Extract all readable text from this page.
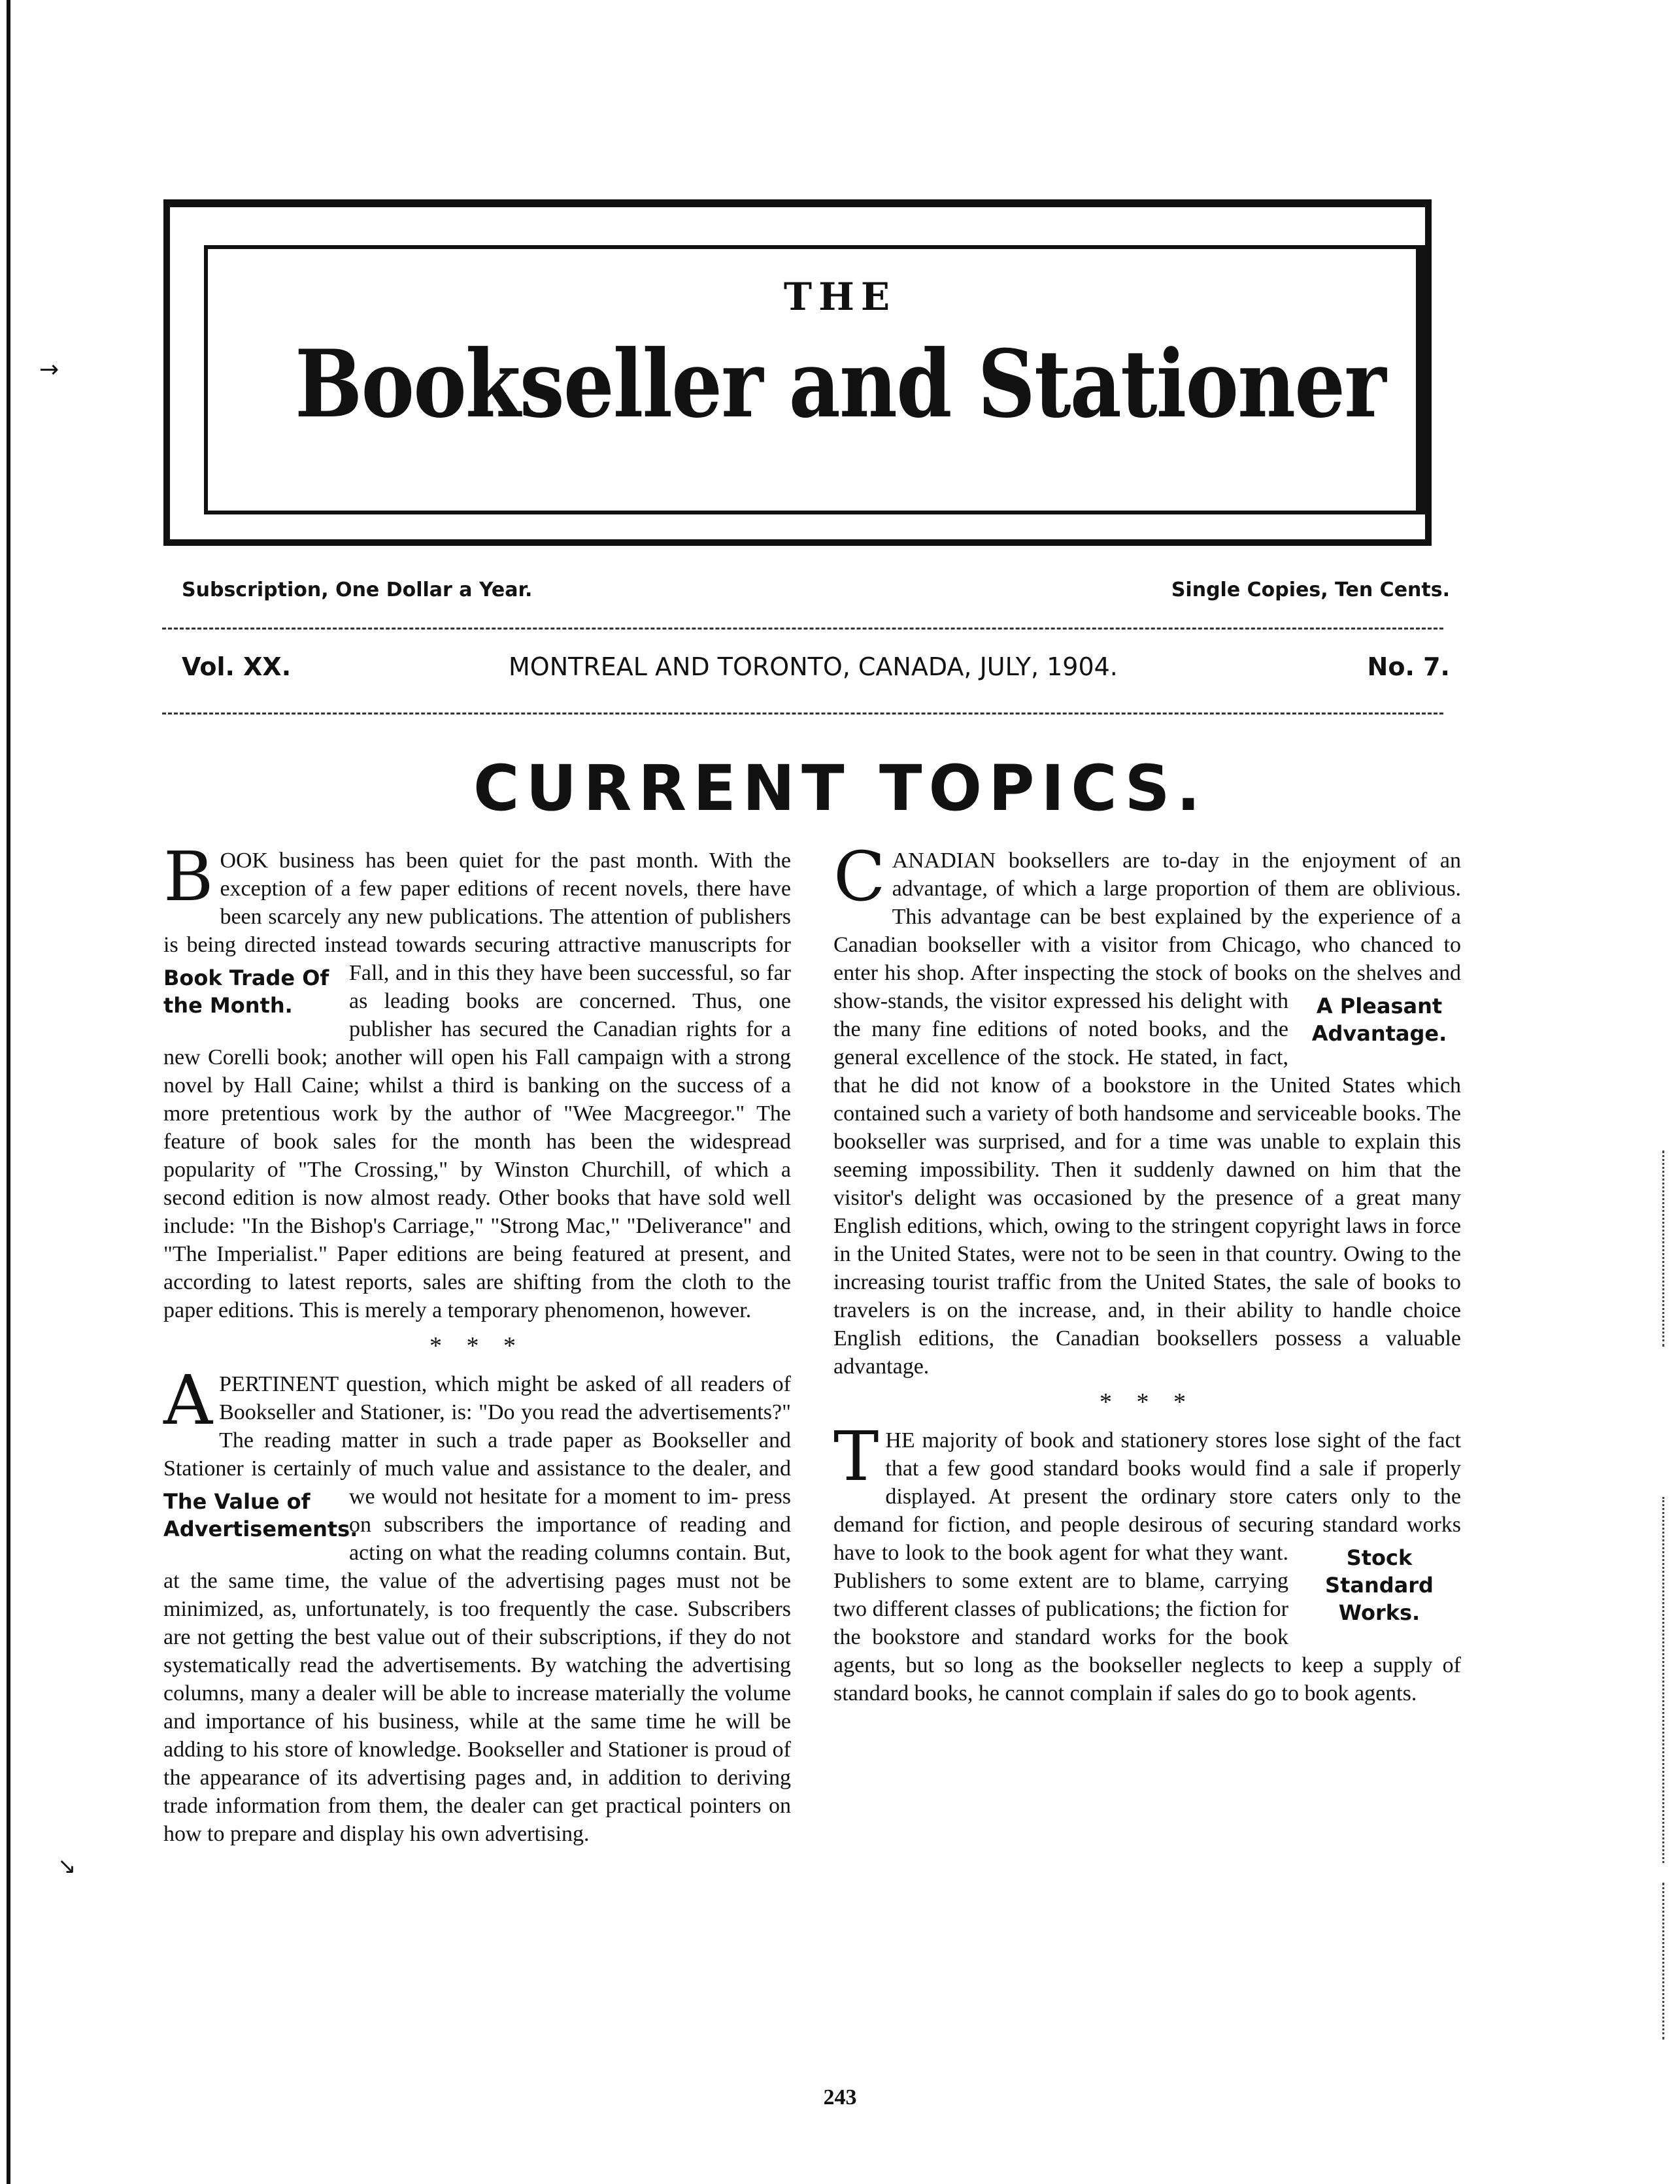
→
↘
THE
Bookseller and Stationer
Subscription, One Dollar a Year.	Single Copies, Ten Cents.
Vol. XX.	MONTREAL AND TORONTO, CANADA, JULY, 1904.	No. 7.
CURRENT TOPICS.
B OOK business has been quiet for the past month. With the exception of a few paper editions of recent novels, there have been scarcely any new publications. The attention of publishers is being directed instead towards securing attractive manuscripts for Fall, and in this they have been successful,
Book Trade Of the Month.
so far as leading books are concerned. Thus, one publisher has secured the Canadian rights for a new Corelli book; another will open his Fall campaign with a strong novel by Hall Caine; whilst a third is banking on the success of a more pretentious work by the author of "Wee Macgreegor." The feature of book sales for the month has been the widespread popularity of "The Crossing," by Winston Churchill, of which a second edition is now almost ready. Other books that have sold well include: "In the Bishop's Carriage," "Strong Mac," "Deliverance" and "The Imperialist." Paper editions are being featured at present, and according to latest reports, sales are shifting from the cloth to the paper editions. This is merely a temporary phenomenon, however.
* * *
A PERTINENT question, which might be asked of all readers of Bookseller and Stationer, is: "Do you read the advertisements?" The reading matter in such a trade paper as Bookseller and Stationer is certainly of much value and assistance to the dealer, and we would not hesitate for a moment to im-
The Value of Advertisements.
press on subscribers the importance of reading and acting on what the reading columns contain. But, at the same time, the value of the advertising pages must not be minimized, as, unfortunately, is too frequently the case. Subscribers are not getting the best value out of their subscriptions, if they do not systematically read the advertisements. By watching the advertising columns, many a dealer will be able to increase materially the volume and importance of his business, while at the same time he will be adding to his store of knowledge. Bookseller and Stationer is proud of the appearance of its advertising pages and, in addition to deriving trade information from them, the dealer can get practical pointers on how to prepare and display his own advertising.
C ANADIAN booksellers are to-day in the enjoyment of an advantage, of which a large proportion of them are oblivious. This advantage can be best explained by the experience of a Canadian bookseller with a visitor from Chicago, who chanced to enter his shop. After inspecting the stock of books on
A Pleasant Advantage.
the shelves and show-stands, the visitor expressed his delight with the many fine editions of noted books, and the general excellence of the stock. He stated, in fact, that he did not know of a bookstore in the United States which contained such a variety of both handsome and serviceable books. The bookseller was surprised, and for a time was unable to explain this seeming impossibility. Then it suddenly dawned on him that the visitor's delight was occasioned by the presence of a great many English editions, which, owing to the stringent copyright laws in force in the United States, were not to be seen in that country. Owing to the increasing tourist traffic from the United States, the sale of books to travelers is on the increase, and, in their ability to handle choice English editions, the Canadian booksellers possess a valuable advantage.
* * *
T HE majority of book and stationery stores lose sight of the fact that a few good standard books would find a sale if properly displayed. At present the ordinary store caters only to the demand for fiction, and people desirous of securing standard works have to look to the book agent for what	Stock Standard Works.
they want. Publishers to some extent are to blame, carrying two different classes of publications; the fiction for the bookstore and standard works for the book agents, but so long as the bookseller neglects to keep a supply of standard books, he cannot complain if sales do go to book agents.
243
